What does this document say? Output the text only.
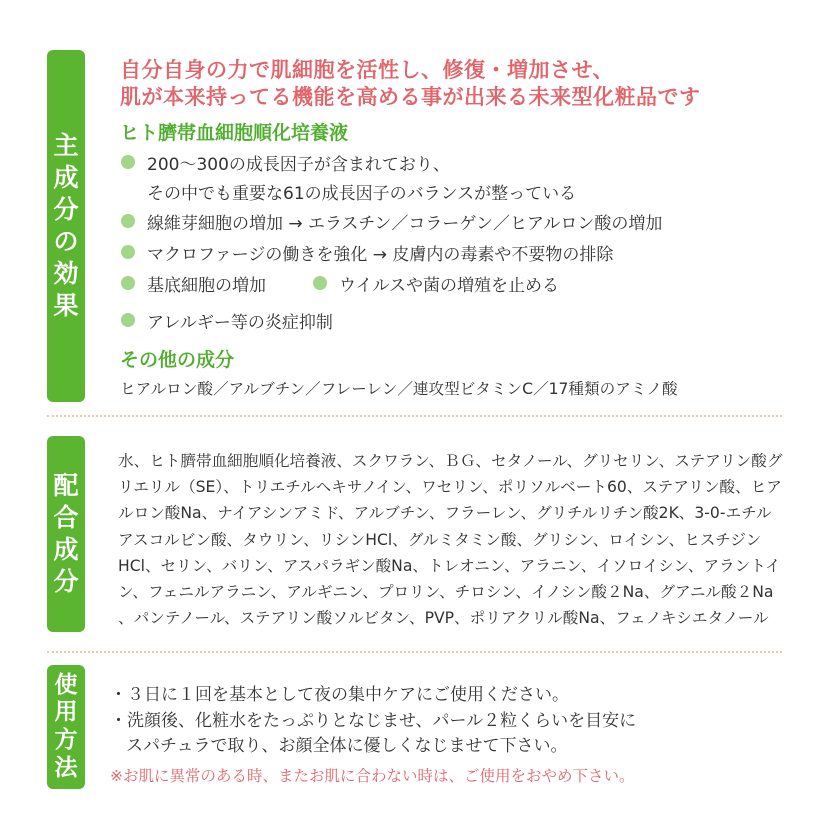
主
成
分
の
効
果
自分自身の力で肌細胞を活性し、修復・増加させ、
肌が本来持ってる機能を高める事が出来る未来型化粧品です
ヒト臍帯血細胞順化培養液
200～300の成長因子が含まれており、
その中でも重要な61の成長因子のバランスが整っている
線維芽細胞の増加 → エラスチン／コラーゲン／ヒアルロン酸の増加
マクロファージの働きを強化 → 皮膚内の毒素や不要物の排除
基底細胞の増加	ウイルスや菌の増殖を止める
アレルギー等の炎症抑制
その他の成分
ヒアルロン酸／アルブチン／フレーレン／連攻型ビタミンC／17種類のアミノ酸
配
合
成
分
水、ヒト臍帯血細胞順化培養液、スクワラン、ＢＧ、セタノール、グリセリン、ステアリン酸グ
リエリル（SE）、トリエチルヘキサノイン、ワセリン、ポリソルベート60、ステアリン酸、ヒア
ルロン酸Na、ナイアシンアミド、アルブチン、フラーレン、グリチルリチン酸2K、3-0-エチル
アスコルビン酸、タウリン、リシンHCl、グルミタミン酸、グリシン、ロイシン、ヒスチジン
HCl、セリン、バリン、アスパラギン酸Na、トレオニン、アラニン、イソロイシン、アラントイ
ン、フェニルアラニン、アルギニン、プロリン、チロシン、イノシン酸２Na、グアニル酸２Na
、パンテノール、ステアリン酸ソルビタン、PVP、ポリアクリル酸Na、フェノキシエタノール
使
用
方
法
・３日に１回を基本として夜の集中ケアにご使用ください。
・洗顔後、化粧水をたっぷりとなじませ、パール２粒くらいを目安に
スパチュラで取り、お顔全体に優しくなじませて下さい。
※お肌に異常のある時、またお肌に合わない時は、ご使用をおやめ下さい。
